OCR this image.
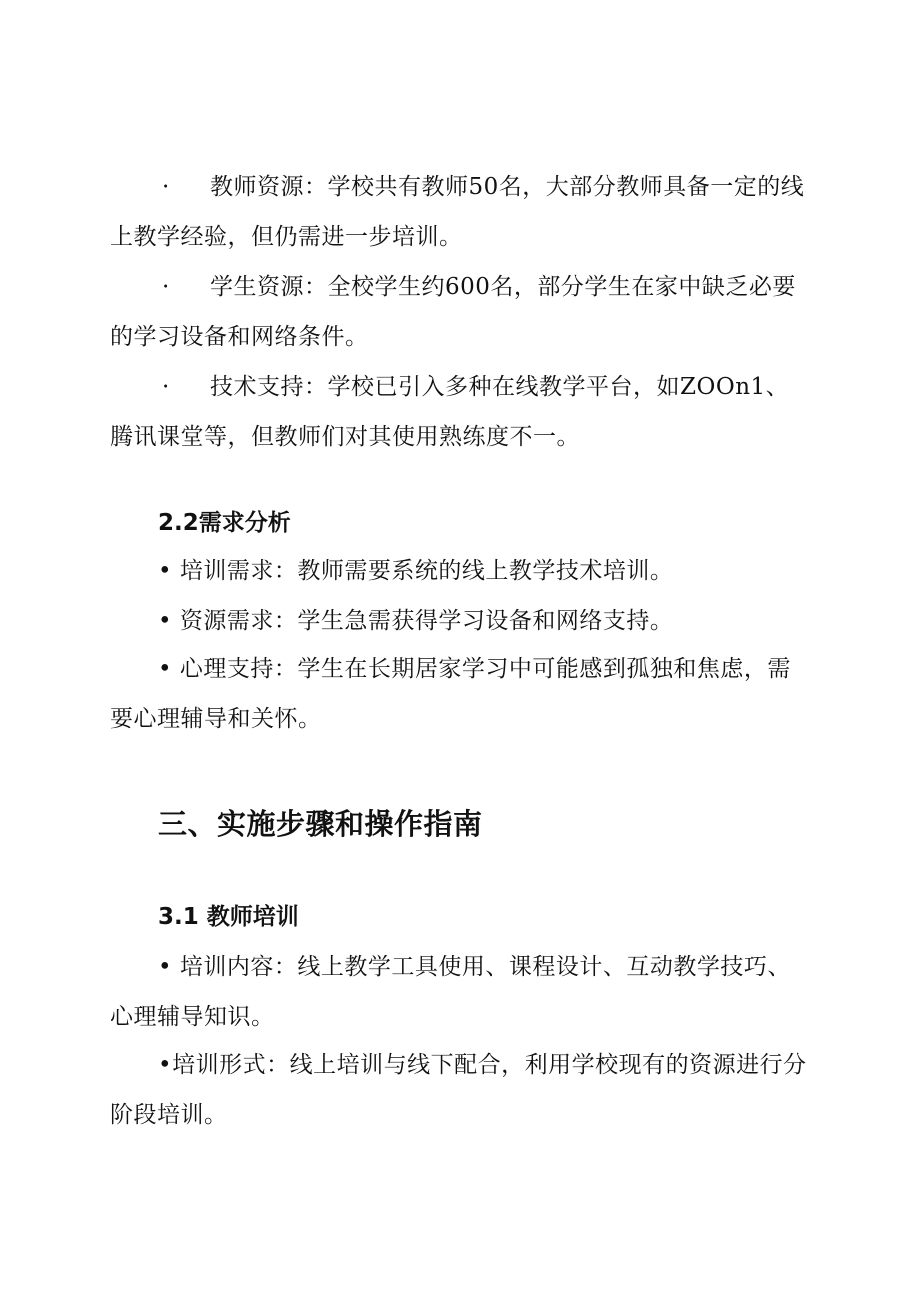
· 教师资源：学校共有教师50名，大部分教师具备一定的线上教学经验，但仍需进一步培训。

· 学生资源：全校学生约600名，部分学生在家中缺乏必要的学习设备和网络条件。

· 技术支持：学校已引入多种在线教学平台，如ZOOn1、腾讯课堂等，但教师们对其使用熟练度不一。

2.2需求分析

• 培训需求：教师需要系统的线上教学技术培训。

• 资源需求：学生急需获得学习设备和网络支持。

• 心理支持：学生在长期居家学习中可能感到孤独和焦虑，需要心理辅导和关怀。

三、实施步骤和操作指南
3.1 教师培训

• 培训内容：线上教学工具使用、课程设计、互动教学技巧、心理辅导知识。

•培训形式：线上培训与线下配合，利用学校现有的资源进行分阶段培训。
